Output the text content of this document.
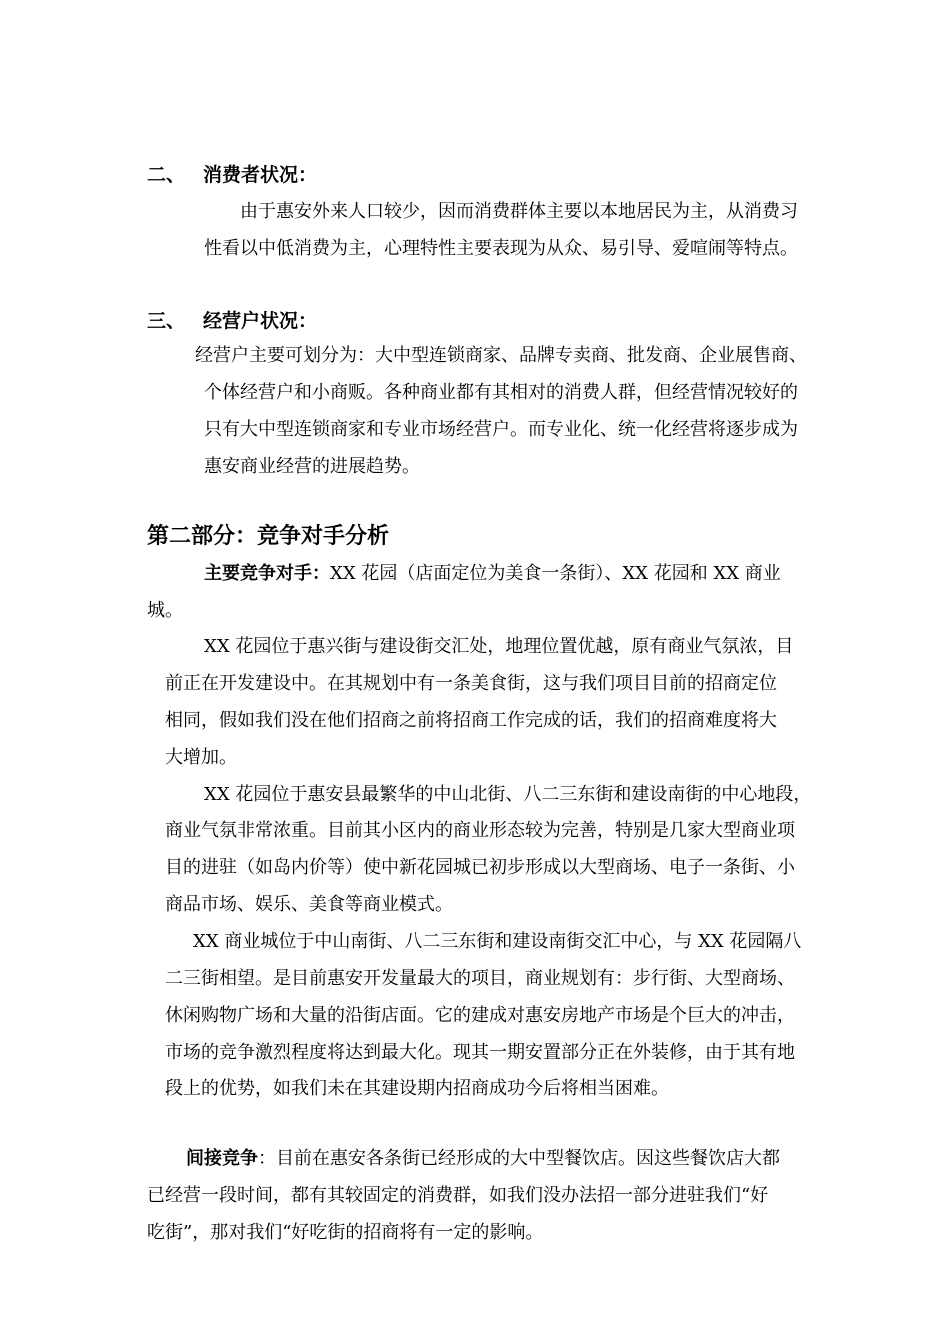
二、 消费者状况：
由于惠安外来人口较少，因而消费群体主要以本地居民为主，从消费习
性看以中低消费为主，心理特性主要表现为从众、易引导、爱喧闹等特点。
三、 经营户状况：
经营户主要可划分为：大中型连锁商家、品牌专卖商、批发商、企业展售商、
个体经营户和小商贩。各种商业都有其相对的消费人群，但经营情况较好的
只有大中型连锁商家和专业市场经营户。而专业化、统一化经营将逐步成为
惠安商业经营的进展趋势。
第二部分：竞争对手分析
主要竞争对手：XX 花园（店面定位为美食一条街）、XX 花园和 XX 商业
城。
XX 花园位于惠兴街与建设街交汇处，地理位置优越，原有商业气氛浓，目
前正在开发建设中。在其规划中有一条美食街，这与我们项目目前的招商定位
相同，假如我们没在他们招商之前将招商工作完成的话，我们的招商难度将大
大增加。
XX 花园位于惠安县最繁华的中山北街、八二三东街和建设南街的中心地段，
商业气氛非常浓重。目前其小区内的商业形态较为完善，特别是几家大型商业项
目的进驻（如岛内价等）使中新花园城已初步形成以大型商场、电子一条街、小
商品市场、娱乐、美食等商业模式。
XX 商业城位于中山南街、八二三东街和建设南街交汇中心，与 XX 花园隔八
二三街相望。是目前惠安开发量最大的项目，商业规划有：步行街、大型商场、
休闲购物广场和大量的沿街店面。它的建成对惠安房地产市场是个巨大的冲击，
市场的竞争激烈程度将达到最大化。现其一期安置部分正在外装修，由于其有地
段上的优势，如我们未在其建设期内招商成功今后将相当困难。
间接竞争：目前在惠安各条街已经形成的大中型餐饮店。因这些餐饮店大都
已经营一段时间，都有其较固定的消费群，如我们没办法招一部分进驻我们“好
吃街”，那对我们“好吃街的招商将有一定的影响。
